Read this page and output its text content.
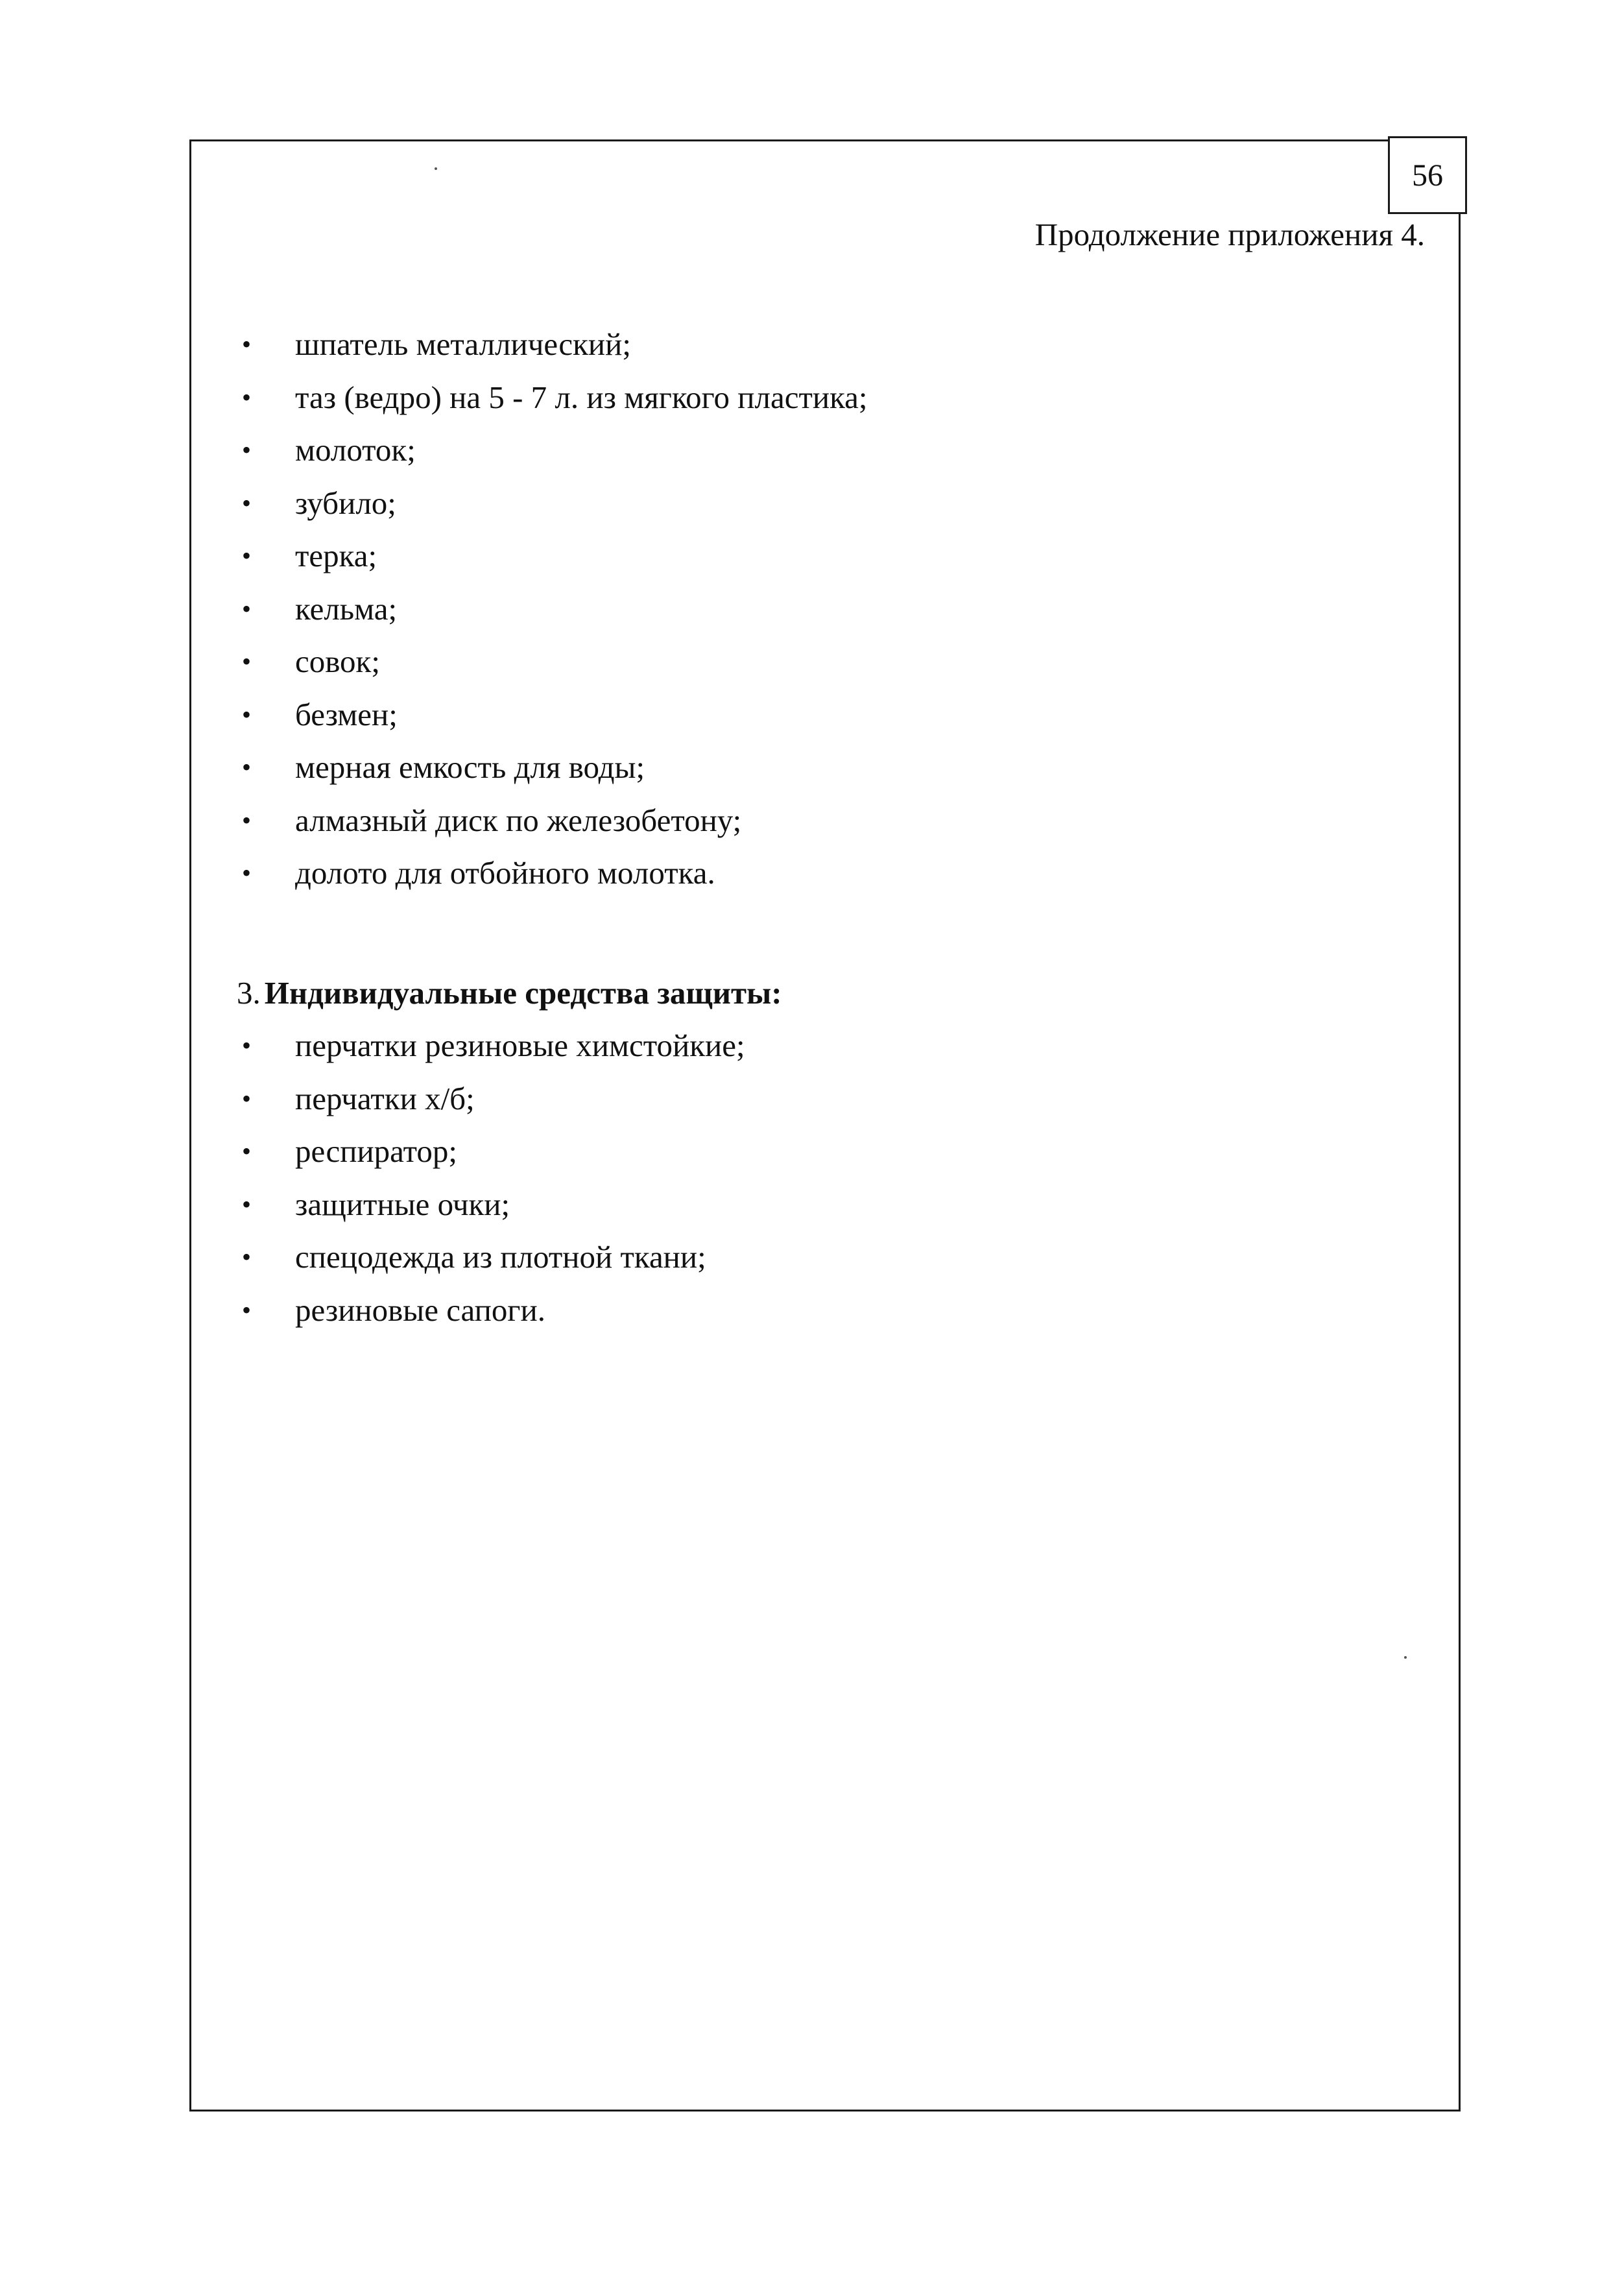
56
Продолжение приложения 4.
• шпатель металлический;
• таз (ведро) на 5 - 7 л. из мягкого пластика;
• молоток;
• зубило;
• терка;
• кельма;
• совок;
• безмен;
• мерная емкость для воды;
• алмазный диск по железобетону;
• долото для отбойного молотка.
3. Индивидуальные средства защиты:
• перчатки резиновые химстойкие;
• перчатки х/б;
• респиратор;
• защитные очки;
• спецодежда из плотной ткани;
• резиновые сапоги.
